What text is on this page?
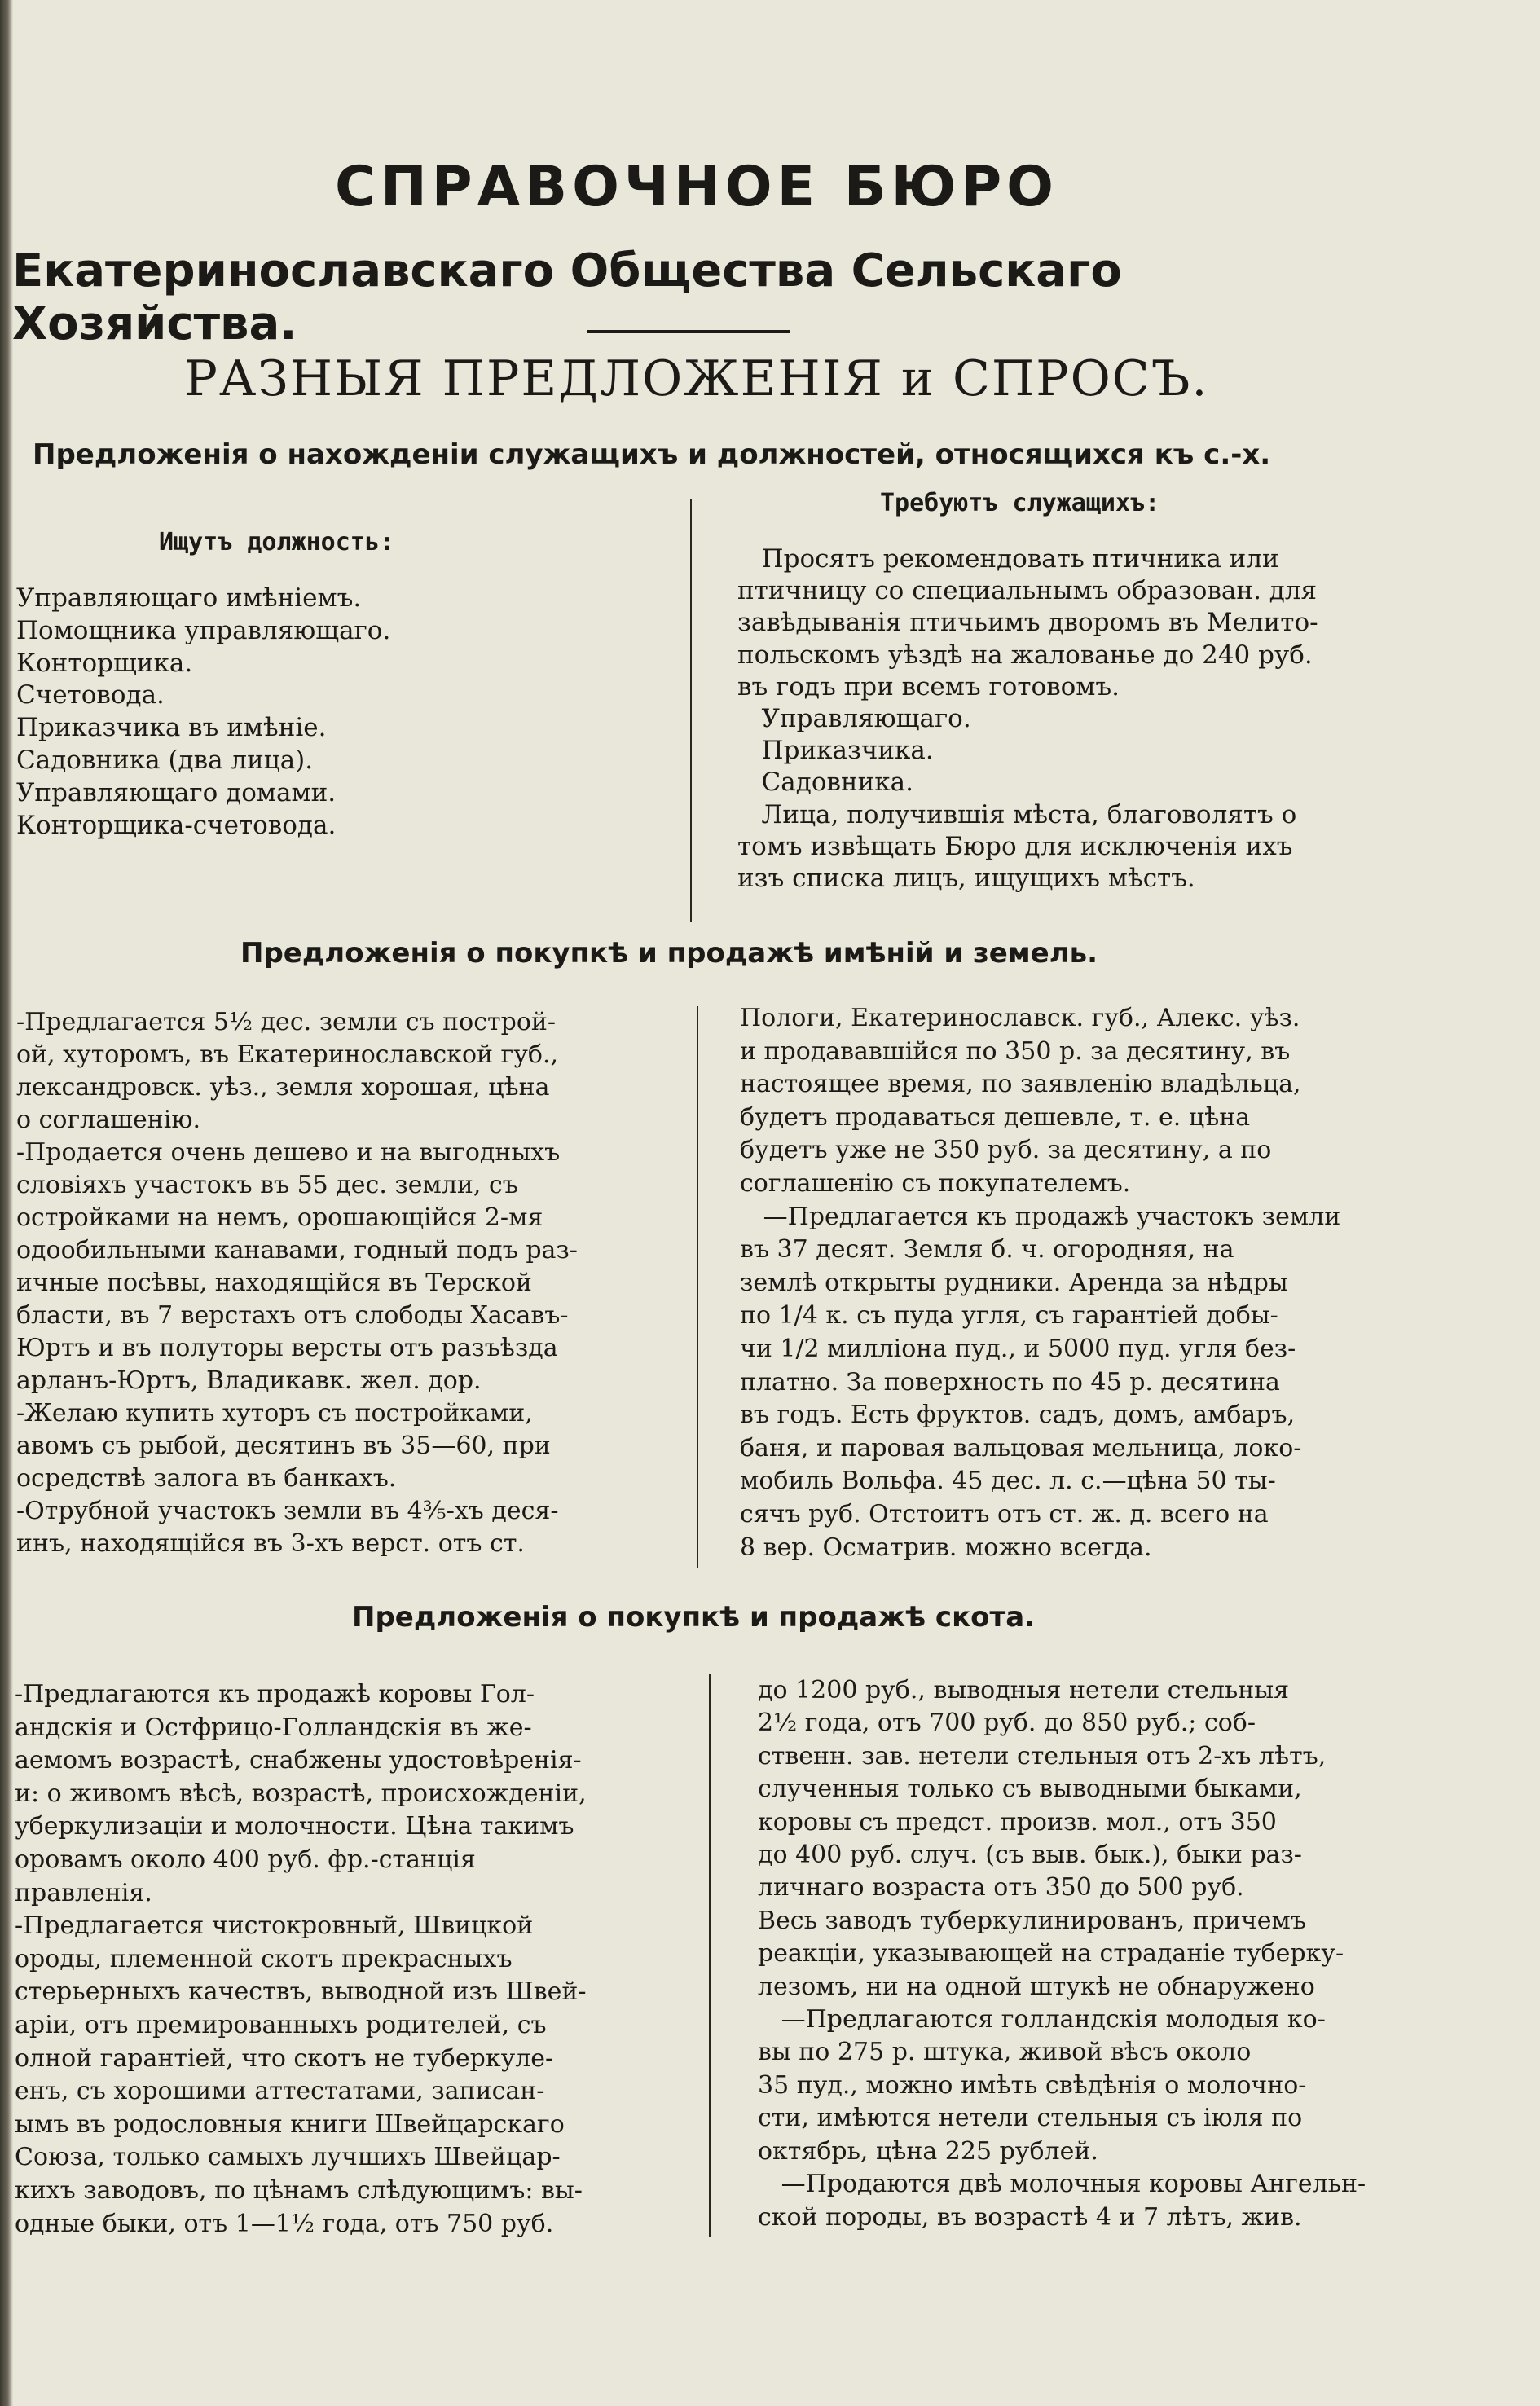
СПРАВОЧНОЕ БЮРО
Екатеринославскаго Общества Сельскаго Хозяйства.
РАЗНЫЯ ПРЕДЛОЖЕНІЯ и СПРОСЪ.
Предложенія о нахожденіи служащихъ и должностей, относящихся къ с.-х.
Ищутъ должность:
Требуютъ служащихъ:

Управляющаго имѣніемъ.

Помощника управляющаго.

Конторщика.

Счетовода.

Приказчика въ имѣніе.

Садовника (два лица).

Управляющаго домами.

Конторщика-счетовода.

Просятъ рекомендовать птичника или

птичницу со специальнымъ образован. для

завѣдыванія птичьимъ дворомъ въ Мелито-

польскомъ уѣздѣ на жалованье до 240 руб.

въ годъ при всемъ готовомъ.

Управляющаго.

Приказчика.

Садовника.

Лица, получившія мѣста, благоволятъ о

томъ извѣщать Бюро для исключенія ихъ

изъ списка лицъ, ищущихъ мѣстъ.

Предложенія о покупкѣ и продажѣ имѣній и земель.

-Предлагается 5½ дес. земли съ построй-

ой, хуторомъ, въ Екатеринославской губ.,

лександровск. уѣз., земля хорошая, цѣна

о соглашенію.

-Продается очень дешево и на выгодныхъ

словіяхъ участокъ въ 55 дес. земли, съ

остройками на немъ, орошающійся 2-мя

одообильными канавами, годный подъ раз-

ичные посѣвы, находящійся въ Терской

бласти, въ 7 верстахъ отъ слободы Хасавъ-

Юртъ и въ полуторы версты отъ разъѣзда

арланъ-Юртъ, Владикавк. жел. дор.

-Желаю купить хуторъ съ постройками,

авомъ съ рыбой, десятинъ въ 35—60, при

осредствѣ залога въ банкахъ.

-Отрубной участокъ земли въ 4⅗-хъ деся-

инъ, находящійся въ 3-хъ верст. отъ ст.

Пологи, Екатеринославск. губ., Алекс. уѣз.

и продававшійся по 350 р. за десятину, въ

настоящее время, по заявленію владѣльца,

будетъ продаваться дешевле, т. е. цѣна

будетъ уже не 350 руб. за десятину, а по

соглашенію съ покупателемъ.

—Предлагается къ продажѣ участокъ земли

въ 37 десят. Земля б. ч. огородняя, на

землѣ открыты рудники. Аренда за нѣдры

по 1/4 к. съ пуда угля, съ гарантіей добы-

чи 1/2 милліона пуд., и 5000 пуд. угля без-

платно. За поверхность по 45 р. десятина

въ годъ. Есть фруктов. садъ, домъ, амбаръ,

баня, и паровая вальцовая мельница, локо-

мобиль Вольфа. 45 дес. л. с.—цѣна 50 ты-

сячъ руб. Отстоитъ отъ ст. ж. д. всего на

8 вер. Осматрив. можно всегда.

Предложенія о покупкѣ и продажѣ скота.

-Предлагаются къ продажѣ коровы Гол-

андскія и Остфрицо-Голландскія въ же-

аемомъ возрастѣ, снабжены удостовѣренія-

и: о живомъ вѣсѣ, возрастѣ, происхожденіи,

уберкулизаціи и молочности. Цѣна такимъ

оровамъ около 400 руб. фр.-станція

правленія.

-Предлагается чистокровный, Швицкой

ороды, племенной скотъ прекрасныхъ

стерьерныхъ качествъ, выводной изъ Швей-

аріи, отъ премированныхъ родителей, съ

олной гарантіей, что скотъ не туберкуле-

енъ, съ хорошими аттестатами, записан-

ымъ въ родословныя книги Швейцарскаго

Союза, только самыхъ лучшихъ Швейцар-

кихъ заводовъ, по цѣнамъ слѣдующимъ: вы-

одные быки, отъ 1—1½ года, отъ 750 руб.

до 1200 руб., выводныя нетели стельныя

2½ года, отъ 700 руб. до 850 руб.; соб-

ственн. зав. нетели стельныя отъ 2-хъ лѣтъ,

слученныя только съ выводными быками,

коровы съ предст. произв. мол., отъ 350

до 400 руб. случ. (съ выв. бык.), быки раз-

личнаго возраста отъ 350 до 500 руб.

Весь заводъ туберкулинированъ, причемъ

реакціи, указывающей на страданіе туберку-

лезомъ, ни на одной штукѣ не обнаружено

—Предлагаются голландскія молодыя ко-

вы по 275 р. штука, живой вѣсъ около

35 пуд., можно имѣть свѣдѣнія о молочно-

сти, имѣются нетели стельныя съ іюля по

октябрь, цѣна 225 рублей.

—Продаются двѣ молочныя коровы Ангельн-

ской породы, въ возрастѣ 4 и 7 лѣтъ, жив.
